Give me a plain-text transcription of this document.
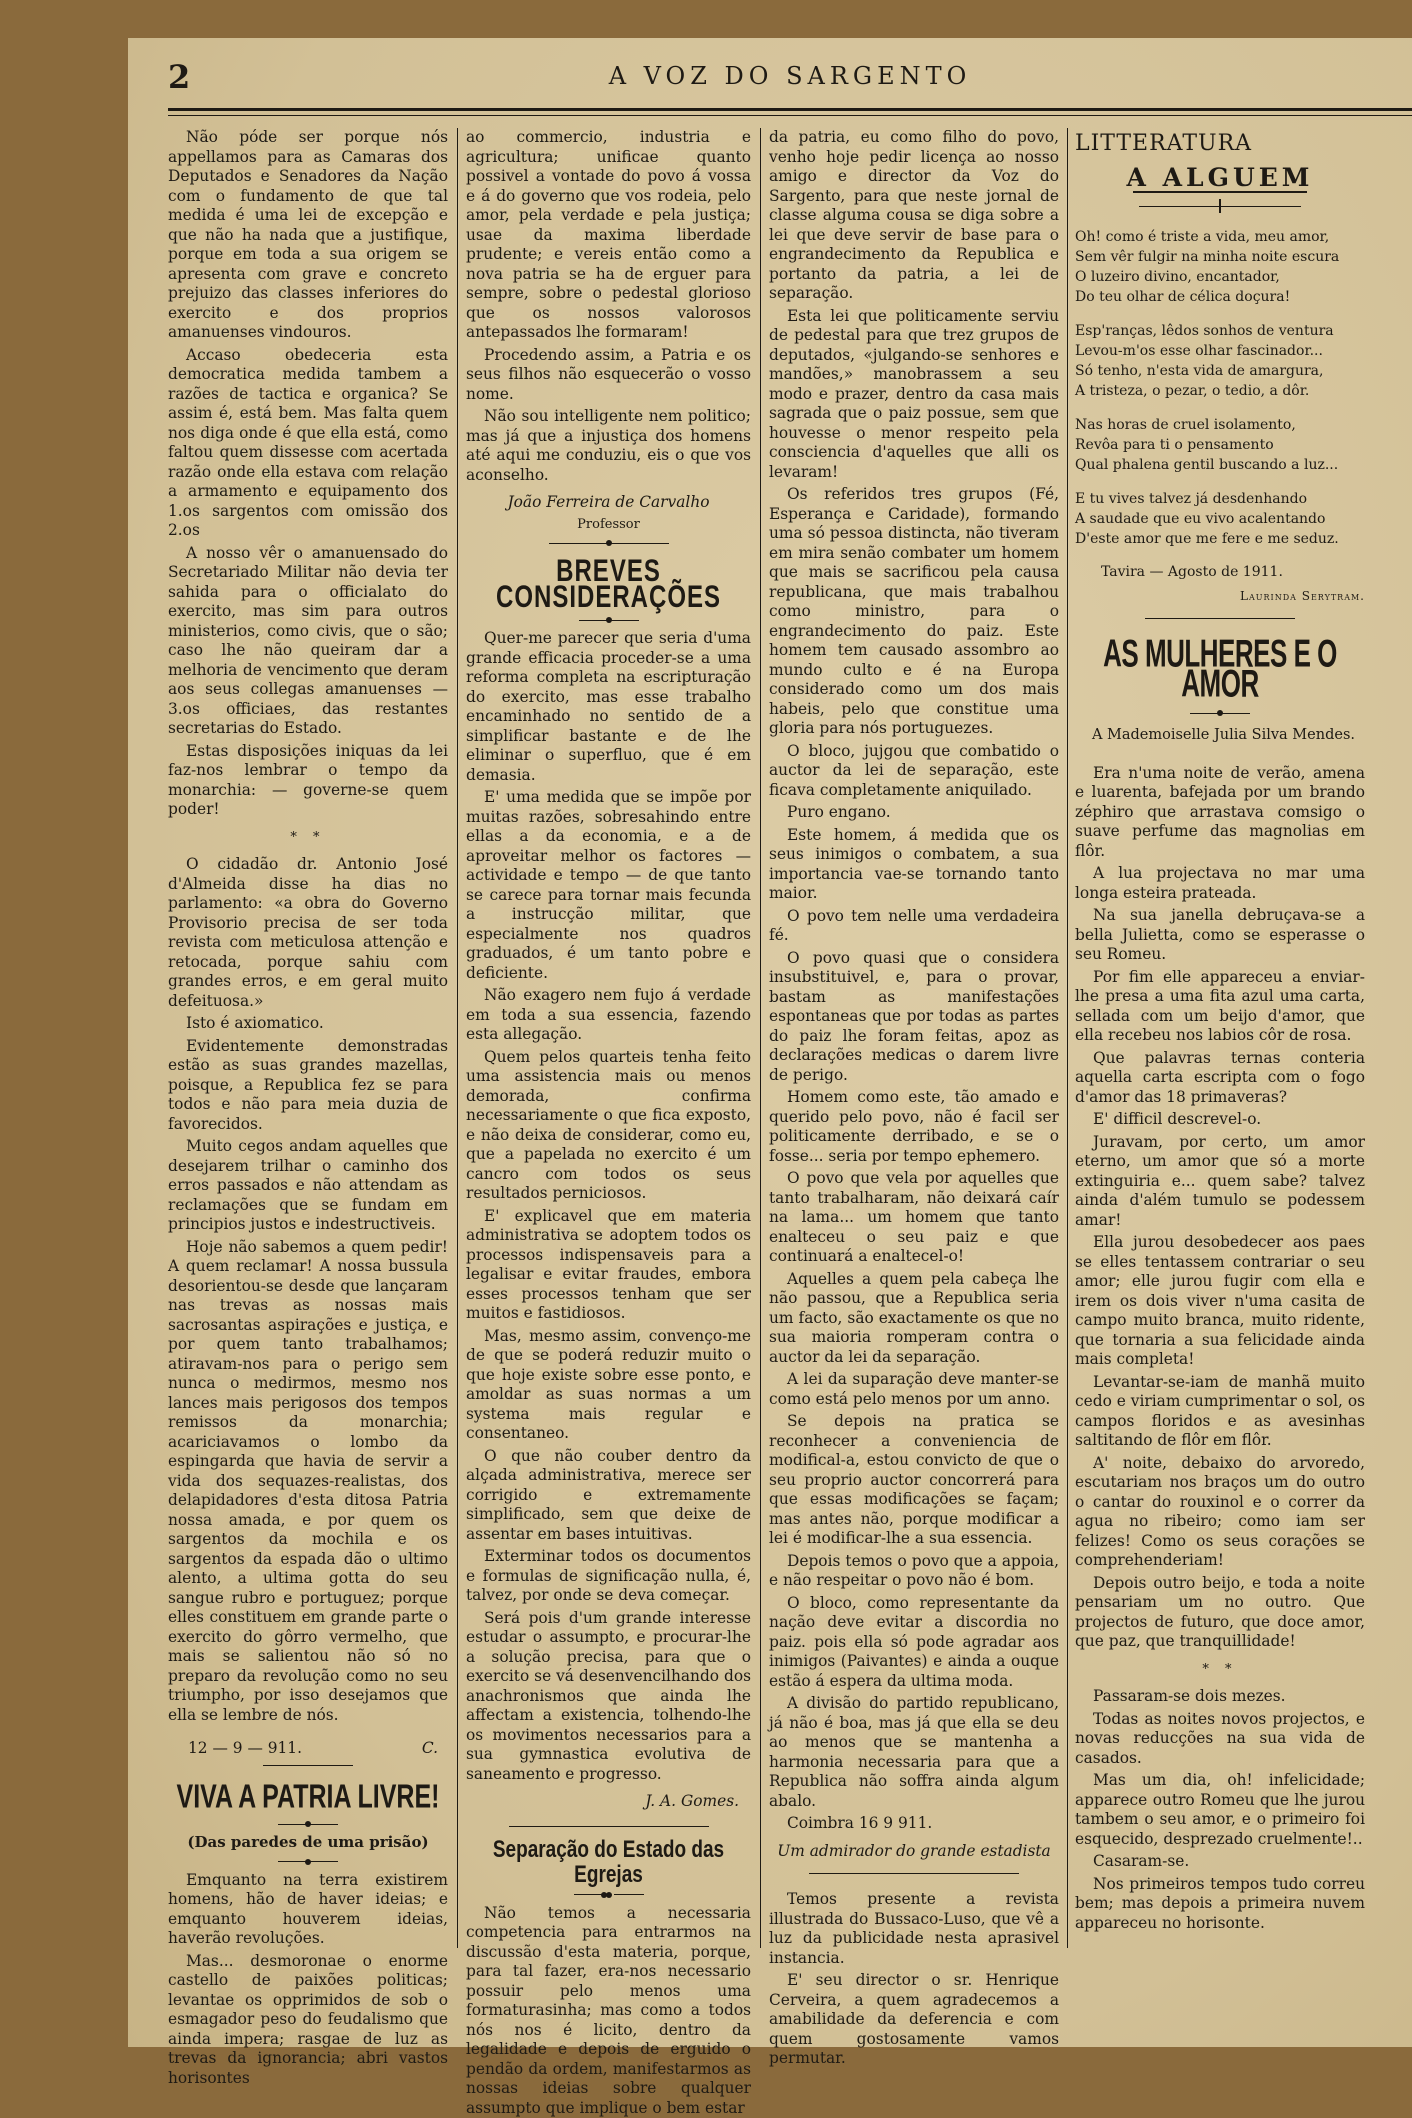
2	A VOZ DO SARGENTO

Não póde ser porque nós appellamos para as Camaras dos Deputados e Senadores da Nação com o fundamento de que tal medida é uma lei de excepção e que não ha nada que a justifique, porque em toda a sua origem se apresenta com grave e concreto prejuizo das classes inferiores do exercito e dos proprios amanuenses vindouros.

Accaso obedeceria esta democratica medida tambem a razões de tactica e organica? Se assim é, está bem. Mas falta quem nos diga onde é que ella está, como faltou quem dissesse com acertada razão onde ella estava com relação a armamento e equipamento dos 1.os sargentos com omissão dos 2.os

A nosso vêr o amanuensado do Secretariado Militar não devia ter sahida para o officialato do exercito, mas sim para outros ministerios, como civis, que o são; caso lhe não queiram dar a melhoria de vencimento que deram aos seus collegas amanuenses — 3.os officiaes, das restantes secretarias do Estado.

Estas disposições iniquas da lei faz-nos lembrar o tempo da monarchia: — governe-se quem poder!

* *

O cidadão dr. Antonio José d'Almeida disse ha dias no parlamento: «a obra do Governo Provisorio precisa de ser toda revista com meticulosa attenção e retocada, porque sahiu com grandes erros, e em geral muito defeituosa.»

Isto é axiomatico.

Evidentemente demonstradas estão as suas grandes mazellas, poisque, a Republica fez se para todos e não para meia duzia de favorecidos.

Muito cegos andam aquelles que desejarem trilhar o caminho dos erros passados e não attendam as reclamações que se fundam em principios justos e indestructiveis.

Hoje não sabemos a quem pedir! A quem reclamar! A nossa bussula desorientou-se desde que lançaram nas trevas as nossas mais sacrosantas aspirações e justiça, e por quem tanto trabalhamos; atiravam-nos para o perigo sem nunca o medirmos, mesmo nos lances mais perigosos dos tempos remissos da monarchia; acariciavamos o lombo da espingarda que havia de servir a vida dos sequazes-realistas, dos delapidadores d'esta ditosa Patria nossa amada, e por quem os sargentos da mochila e os sargentos da espada dão o ultimo alento, a ultima gotta do seu sangue rubro e portuguez; porque elles constituem em grande parte o exercito do gôrro vermelho, que mais se salientou não só no preparo da revolução como no seu triumpho, por isso desejamos que ella se lembre de nós.

12 — 9 — 911.	C.
VIVA A PATRIA LIVRE!
(Das paredes de uma prisão)

Emquanto na terra existirem homens, hão de haver ideias; e emquanto houverem ideias, haverão revoluções.

Mas... desmoronae o enorme castello de paixões politicas; levantae os opprimidos de sob o esmagador peso do feudalismo que ainda impera; rasgae de luz as trevas da ignorancia; abri vastos horisontes

ao commercio, industria e agricultura; unificae quanto possivel a vontade do povo á vossa e á do governo que vos rodeia, pelo amor, pela verdade e pela justiça; usae da maxima liberdade prudente; e vereis então como a nova patria se ha de erguer para sempre, sobre o pedestal glorioso que os nossos valorosos antepassados lhe formaram!

Procedendo assim, a Patria e os seus filhos não esquecerão o vosso nome.

Não sou intelligente nem politico; mas já que a injustiça dos homens até aqui me conduziu, eis o que vos aconselho.

João Ferreira de Carvalho
Professor
BREVES CONSIDERAÇÕES

Quer-me parecer que seria d'uma grande efficacia proceder-se a uma reforma completa na escripturação do exercito, mas esse trabalho encaminhado no sentido de a simplificar bastante e de lhe eliminar o superfluo, que é em demasia.

E' uma medida que se impõe por muitas razões, sobresahindo entre ellas a da economia, e a de aproveitar melhor os factores — actividade e tempo — de que tanto se carece para tornar mais fecunda a instrucção militar, que especialmente nos quadros graduados, é um tanto pobre e deficiente.

Não exagero nem fujo á verdade em toda a sua essencia, fazendo esta allegação.

Quem pelos quarteis tenha feito uma assistencia mais ou menos demorada, confirma necessariamente o que fica exposto, e não deixa de considerar, como eu, que a papelada no exercito é um cancro com todos os seus resultados perniciosos.

E' explicavel que em materia administrativa se adoptem todos os processos indispensaveis para a legalisar e evitar fraudes, embora esses processos tenham que ser muitos e fastidiosos.

Mas, mesmo assim, convenço-me de que se poderá reduzir muito o que hoje existe sobre esse ponto, e amoldar as suas normas a um systema mais regular e consentaneo.

O que não couber dentro da alçada administrativa, merece ser corrigido e extremamente simplificado, sem que deixe de assentar em bases intuitivas.

Exterminar todos os documentos e formulas de significação nulla, é, talvez, por onde se deva começar.

Será pois d'um grande interesse estudar o assumpto, e procurar-lhe a solução precisa, para que o exercito se vá desenvencilhando dos anachronismos que ainda lhe affectam a existencia, tolhendo-lhe os movimentos necessarios para a sua gymnastica evolutiva de saneamento e progresso.

J. A. Gomes.
Separação do Estado das Egrejas

Não temos a necessaria competencia para entrarmos na discussão d'esta materia, porque, para tal fazer, era-nos necessario possuir pelo menos uma formaturasinha; mas como a todos nós nos é licito, dentro da legalidade e depois de erguido o pendão da ordem, manifestarmos as nossas ideias sobre qualquer assumpto que implique o bem estar

da patria, eu como filho do povo, venho hoje pedir licença ao nosso amigo e director da Voz do Sargento, para que neste jornal de classe alguma cousa se diga sobre a lei que deve servir de base para o engrandecimento da Republica e portanto da patria, a lei de separação.

Esta lei que politicamente serviu de pedestal para que trez grupos de deputados, «julgando-se senhores e mandões,» manobrassem a seu modo e prazer, dentro da casa mais sagrada que o paiz possue, sem que houvesse o menor respeito pela consciencia d'aquelles que alli os levaram!

Os referidos tres grupos (Fé, Esperança e Caridade), formando uma só pessoa distincta, não tiveram em mira senão combater um homem que mais se sacrificou pela causa republicana, que mais trabalhou como ministro, para o engrandecimento do paiz. Este homem tem causado assombro ao mundo culto e é na Europa considerado como um dos mais habeis, pelo que constitue uma gloria para nós portuguezes.

O bloco, jujgou que combatido o auctor da lei de separação, este ficava completamente aniquilado.

Puro engano.

Este homem, á medida que os seus inimigos o combatem, a sua importancia vae-se tornando tanto maior.

O povo tem nelle uma verdadeira fé.

O povo quasi que o considera insubstituivel, e, para o provar, bastam as manifestações espontaneas que por todas as partes do paiz lhe foram feitas, apoz as declarações medicas o darem livre de perigo.

Homem como este, tão amado e querido pelo povo, não é facil ser politicamente derribado, e se o fosse... seria por tempo ephemero.

O povo que vela por aquelles que tanto trabalharam, não deixará caír na lama... um homem que tanto enalteceu o seu paiz e que continuará a enaltecel-o!

Aquelles a quem pela cabeça lhe não passou, que a Republica seria um facto, são exactamente os que no sua maioria romperam contra o auctor da lei da separação.

A lei da suparação deve manter-se como está pelo menos por um anno.

Se depois na pratica se reconhecer a conveniencia de modifical-a, estou convicto de que o seu proprio auctor concorrerá para que essas modificações se façam; mas antes não, porque modificar a lei é modificar-lhe a sua essencia.

Depois temos o povo que a appoia, e não respeitar o povo não é bom.

O bloco, como representante da nação deve evitar a discordia no paiz. pois ella só pode agradar aos inimigos (Paivantes) e ainda a ouque estão á espera da ultima moda.

A divisão do partido republicano, já não é boa, mas já que ella se deu ao menos que se mantenha a harmonia necessaria para que a Republica não soffra ainda algum abalo.

Coimbra 16 9 911.

Um admirador do grande estadista

Temos presente a revista illustrada do Bussaco-Luso, que vê a luz da publicidade nesta aprasivel instancia.

E' seu director o sr. Henrique Cerveira, a quem agradecemos a amabilidade da deferencia e com quem gostosamente vamos permutar.

LITTERATURA
A ALGUEM
Oh! como é triste a vida, meu amor,
Sem vêr fulgir na minha noite escura
O luzeiro divino, encantador,
Do teu olhar de célica doçura!
Esp'ranças, lêdos sonhos de ventura
Levou-m'os esse olhar fascinador...
Só tenho, n'esta vida de amargura,
A tristeza, o pezar, o tedio, a dôr.
Nas horas de cruel isolamento,
Revôa para ti o pensamento
Qual phalena gentil buscando a luz...
E tu vives talvez já desdenhando
A saudade que eu vivo acalentando
D'este amor que me fere e me seduz.
Tavira — Agosto de 1911.
Laurinda Serytram.
AS MULHERES E O AMOR
A Mademoiselle Julia Silva Mendes.

Era n'uma noite de verão, amena e luarenta, bafejada por um brando zéphiro que arrastava comsigo o suave perfume das magnolias em flôr.

A lua projectava no mar uma longa esteira prateada.

Na sua janella debruçava-se a bella Julietta, como se esperasse o seu Romeu.

Por fim elle appareceu a enviar-lhe presa a uma fita azul uma carta, sellada com um beijo d'amor, que ella recebeu nos labios côr de rosa.

Que palavras ternas conteria aquella carta escripta com o fogo d'amor das 18 primaveras?

E' difficil descrevel-o.

Juravam, por certo, um amor eterno, um amor que só a morte extinguiria e... quem sabe? talvez ainda d'além tumulo se podessem amar!

Ella jurou desobedecer aos paes se elles tentassem contrariar o seu amor; elle jurou fugir com ella e irem os dois viver n'uma casita de campo muito branca, muito ridente, que tornaria a sua felicidade ainda mais completa!

Levantar-se-iam de manhã muito cedo e viriam cumprimentar o sol, os campos floridos e as avesinhas saltitando de flôr em flôr.

A' noite, debaixo do arvoredo, escutariam nos braços um do outro o cantar do rouxinol e o correr da agua no ribeiro; como iam ser felizes! Como os seus corações se comprehenderiam!

Depois outro beijo, e toda a noite pensariam um no outro. Que projectos de futuro, que doce amor, que paz, que tranquillidade!

* *

Passaram-se dois mezes.

Todas as noites novos projectos, e novas reducções na sua vida de casados.

Mas um dia, oh! infelicidade; apparece outro Romeu que lhe jurou tambem o seu amor, e o primeiro foi esquecido, desprezado cruelmente!..

Casaram-se.

Nos primeiros tempos tudo correu bem; mas depois a primeira nuvem appareceu no horisonte.
